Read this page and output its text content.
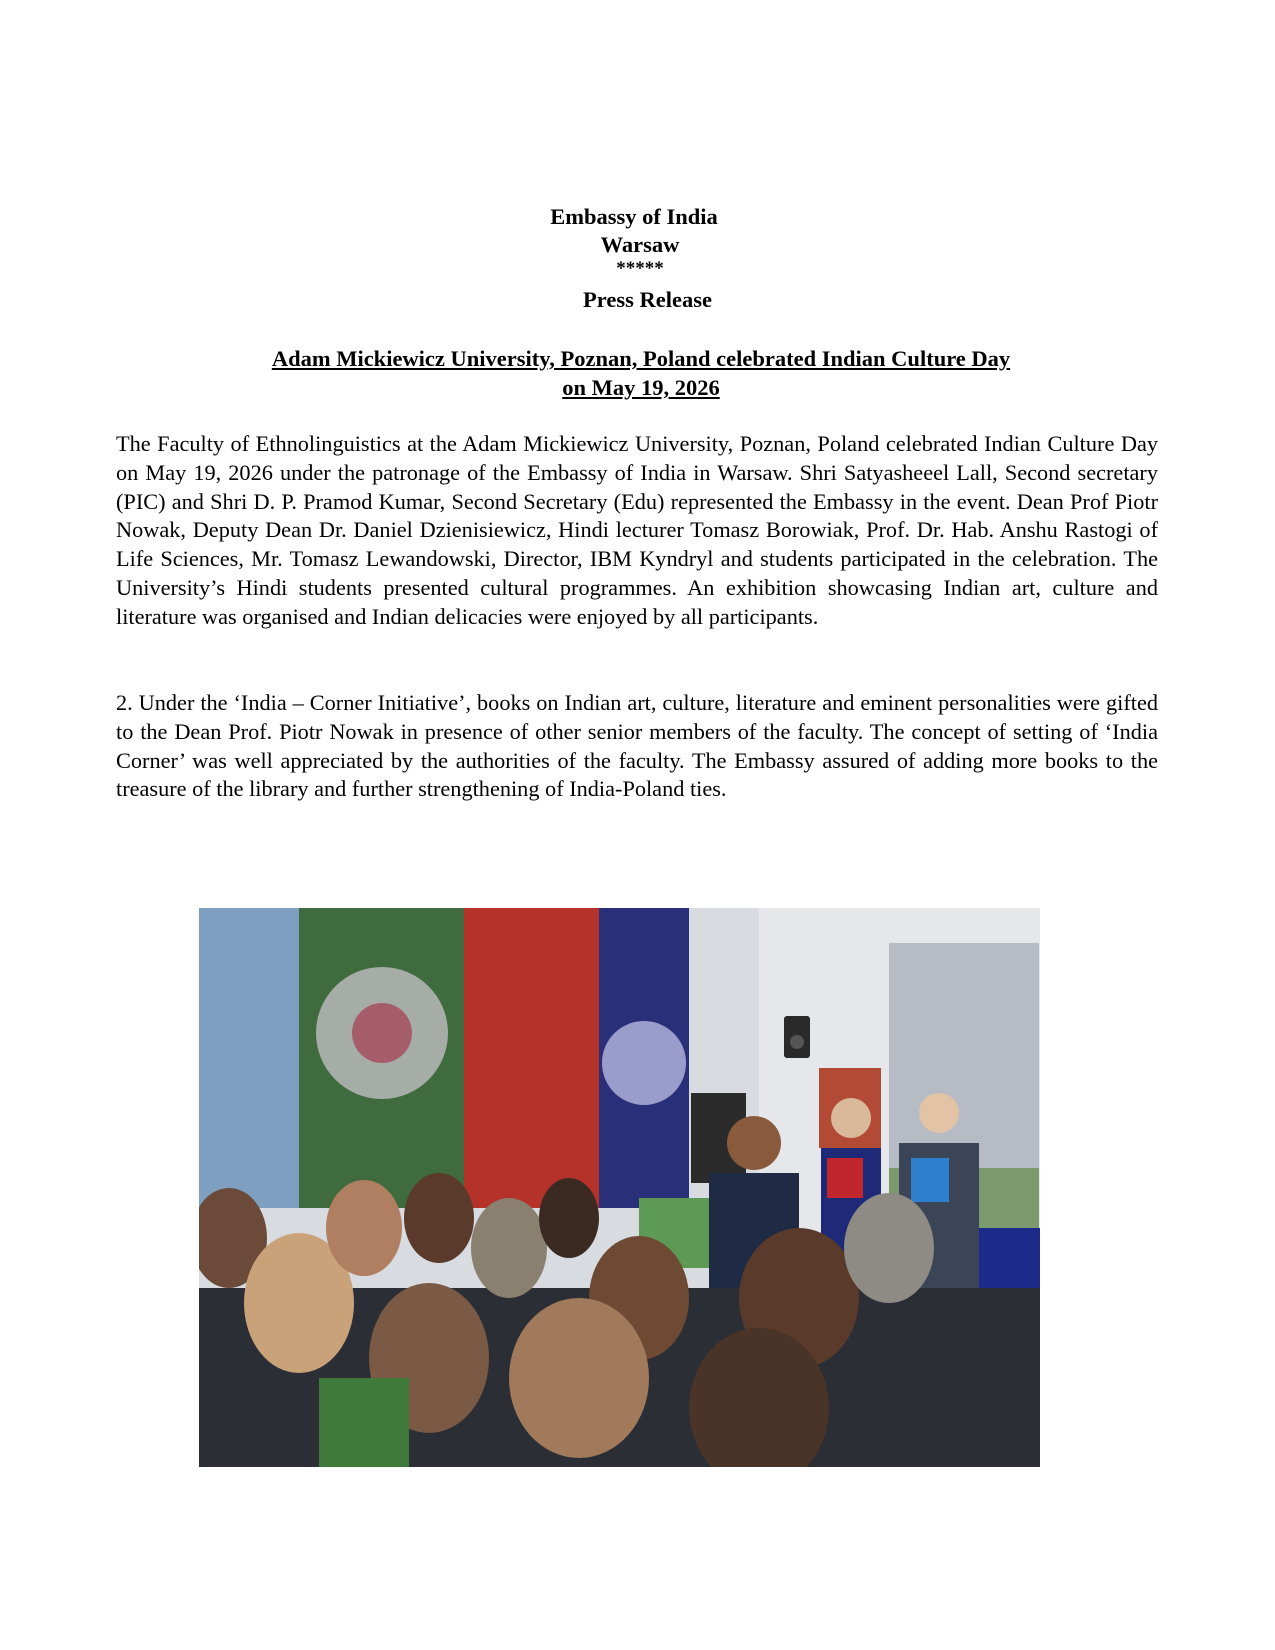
Embassy of India
Warsaw
*****
Press Release
Adam Mickiewicz University, Poznan, Poland celebrated Indian Culture Day
on May 19, 2026

The Faculty of Ethnolinguistics at the Adam Mickiewicz University, Poznan, Poland celebrated Indian Culture Day on May 19, 2026 under the patronage of the Embassy of India in Warsaw. Shri Satyasheeel Lall, Second secretary (PIC) and Shri D. P. Pramod Kumar, Second Secretary (Edu) represented the Embassy in the event. Dean Prof Piotr Nowak, Deputy Dean Dr. Daniel Dzienisiewicz, Hindi lecturer Tomasz Borowiak, Prof. Dr. Hab. Anshu Rastogi of Life Sciences, Mr. Tomasz Lewandowski, Director, IBM Kyndryl and students participated in the celebration. The University’s Hindi students presented cultural programmes. An exhibition showcasing Indian art, culture and literature was organised and Indian delicacies were enjoyed by all participants.

2. Under the ‘India – Corner Initiative’, books on Indian art, culture, literature and eminent personalities were gifted to the Dean Prof. Piotr Nowak in presence of other senior members of the faculty. The concept of setting of ‘India Corner’ was well appreciated by the authorities of the faculty. The Embassy assured of adding more books to the treasure of the library and further strengthening of India-Poland ties.
